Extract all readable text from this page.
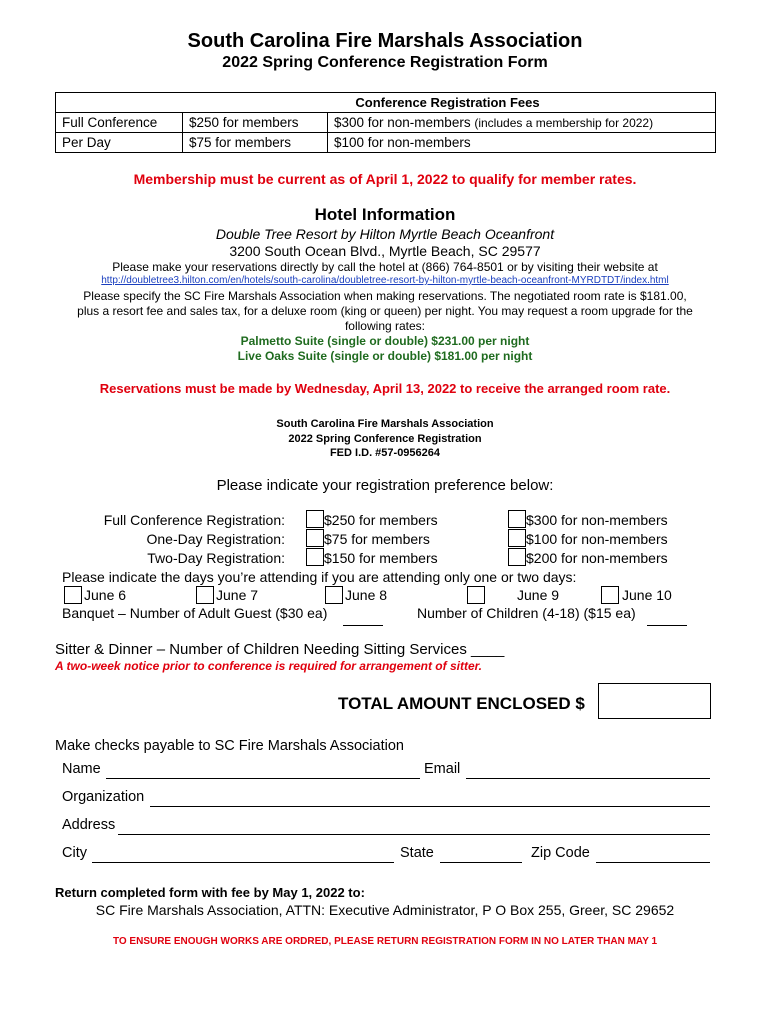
South Carolina Fire Marshals Association
2022 Spring Conference Registration Form
Conference Registration Fees		
Full Conference	$250 for members	$300 for non-members (includes a membership for 2022)
Per Day	$75 for members	$100 for non-members
Membership must be current as of April 1, 2022 to qualify for member rates.
Hotel Information
Double Tree Resort by Hilton Myrtle Beach Oceanfront
3200 South Ocean Blvd., Myrtle Beach, SC 29577
Please make your reservations directly by call the hotel at (866) 764-8501 or by visiting their website at
http://doubletree3.hilton.com/en/hotels/south-carolina/doubletree-resort-by-hilton-myrtle-beach-oceanfront-MYRDTDT/index.html
Please specify the SC Fire Marshals Association when making reservations. The negotiated room rate is $181.00,
plus a resort fee and sales tax, for a deluxe room (king or queen) per night. You may request a room upgrade for the
following rates:
Palmetto Suite (single or double) $231.00 per night
Live Oaks Suite (single or double) $181.00 per night
Reservations must be made by Wednesday, April 13, 2022 to receive the arranged room rate.
South Carolina Fire Marshals Association
2022 Spring Conference Registration
FED I.D. #57-0956264
Please indicate your registration preference below:
Full Conference Registration:	$250 for members	$300 for non-members
One-Day Registration:	$75 for members	$100 for non-members
Two-Day Registration:	$150 for members	$200 for non-members
Please indicate the days you’re attending if you are attending only one or two days:
June 6	June 7	June 8	June 9	June 10
Banquet – Number of Adult Guest ($30 ea)	Number of Children (4-18) ($15 ea)
Sitter & Dinner – Number of Children Needing Sitting Services ____
A two-week notice prior to conference is required for arrangement of sitter.
TOTAL AMOUNT ENCLOSED $
Make checks payable to SC Fire Marshals Association
Name	Email
Organization
Address
City	State	Zip Code
Return completed form with fee by May 1, 2022 to:
SC Fire Marshals Association, ATTN: Executive Administrator, P O Box 255, Greer, SC 29652
TO ENSURE ENOUGH WORKS ARE ORDRED, PLEASE RETURN REGISTRATION FORM IN NO LATER THAN MAY 1
